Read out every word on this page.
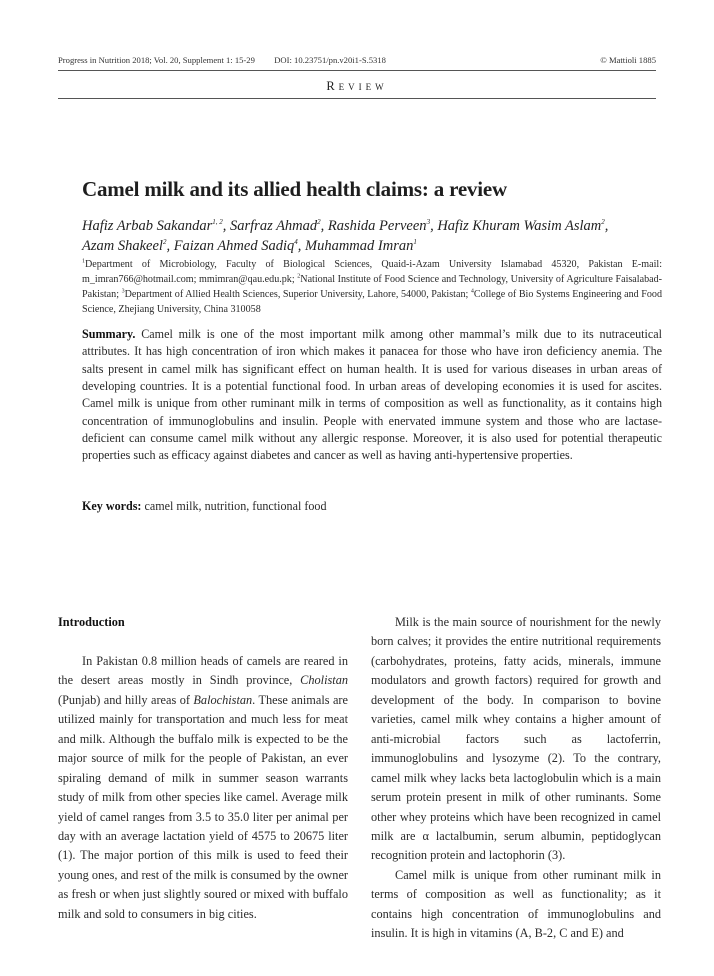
Progress in Nutrition 2018; Vol. 20, Supplement 1: 15-29 DOI: 10.23751/pn.v20i1-S.5318	© Mattioli 1885
Review
Camel milk and its allied health claims: a review

Hafiz Arbab Sakandar$^{1, 2}$, Sarfraz Ahmad$^2$, Rashida Perveen$^3$, Hafiz Khuram Wasim Aslam$^2$,
Azam Shakeel$^2$, Faizan Ahmed Sadiq$^4$, Muhammad Imran$^1$

$^1$Department of Microbiology, Faculty of Biological Sciences, Quaid-i-Azam University Islamabad 45320, Pakistan E-mail: m_imran766@hotmail.com; mmimran@qau.edu.pk; $^2$National Institute of Food Science and Technology, University of Agriculture Faisalabad-Pakistan; $^3$Department of Allied Health Sciences, Superior University, Lahore, 54000, Pakistan; $^4$College of Bio Systems Engineering and Food Science, Zhejiang University, China 310058

Summary. Camel milk is one of the most important milk among other mammal’s milk due to its nutraceutical attributes. It has high concentration of iron which makes it panacea for those who have iron deficiency anemia. The salts present in camel milk has significant effect on human health. It is used for various diseases in urban areas of developing countries. It is a potential functional food. In urban areas of developing economies it is used for ascites. Camel milk is unique from other ruminant milk in terms of composition as well as functionality, as it contains high concentration of immunoglobulins and insulin. People with enervated immune system and those who are lactase-deficient can consume camel milk without any allergic response. Moreover, it is also used for potential therapeutic properties such as efficacy against diabetes and cancer as well as having anti-hypertensive properties.

Key words: camel milk, nutrition, functional food

Introduction

In Pakistan 0.8 million heads of camels are reared in the desert areas mostly in Sindh province, Cholistan (Punjab) and hilly areas of Balochistan. These animals are utilized mainly for transportation and much less for meat and milk. Although the buffalo milk is expected to be the major source of milk for the people of Pakistan, an ever spiraling demand of milk in summer season warrants study of milk from other species like camel. Average milk yield of camel ranges from 3.5 to 35.0 liter per animal per day with an average lactation yield of 4575 to 20675 liter (1). The major portion of this milk is used to feed their young ones, and rest of the milk is consumed by the owner as fresh or when just slightly soured or mixed with buffalo milk and sold to consumers in big cities.

Milk is the main source of nourishment for the newly born calves; it provides the entire nutritional requirements (carbohydrates, proteins, fatty acids, minerals, immune modulators and growth factors) required for growth and development of the body. In comparison to bovine varieties, camel milk whey contains a higher amount of anti-microbial factors such as lactoferrin, immunoglobulins and lysozyme (2). To the contrary, camel milk whey lacks beta lactoglobulin which is a main serum protein present in milk of other ruminants. Some other whey proteins which have been recognized in camel milk are α lactalbumin, serum albumin, peptidoglycan recognition protein and lactophorin (3).

Camel milk is unique from other ruminant milk in terms of composition as well as functionality; as it contains high concentration of immunoglobulins and insulin. It is high in vitamins (A, B-2, C and E) and
